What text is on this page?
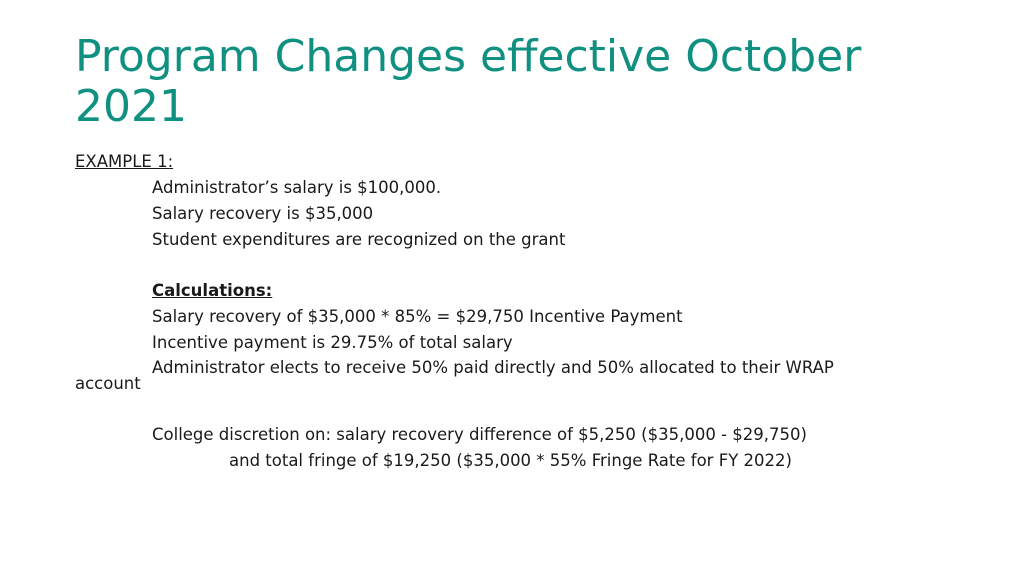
Program Changes effective October 2021
EXAMPLE 1:
Administrator’s salary is $100,000.
Salary recovery is $35,000
Student expenditures are recognized on the grant
Calculations:
Salary recovery of $35,000 * 85% = $29,750 Incentive Payment
Incentive payment is 29.75% of total salary
Administrator elects to receive 50% paid directly and 50% allocated to their WRAP
account
College discretion on: salary recovery difference of $5,250 ($35,000 - $29,750)
and total fringe of $19,250 ($35,000 * 55% Fringe Rate for FY 2022)
